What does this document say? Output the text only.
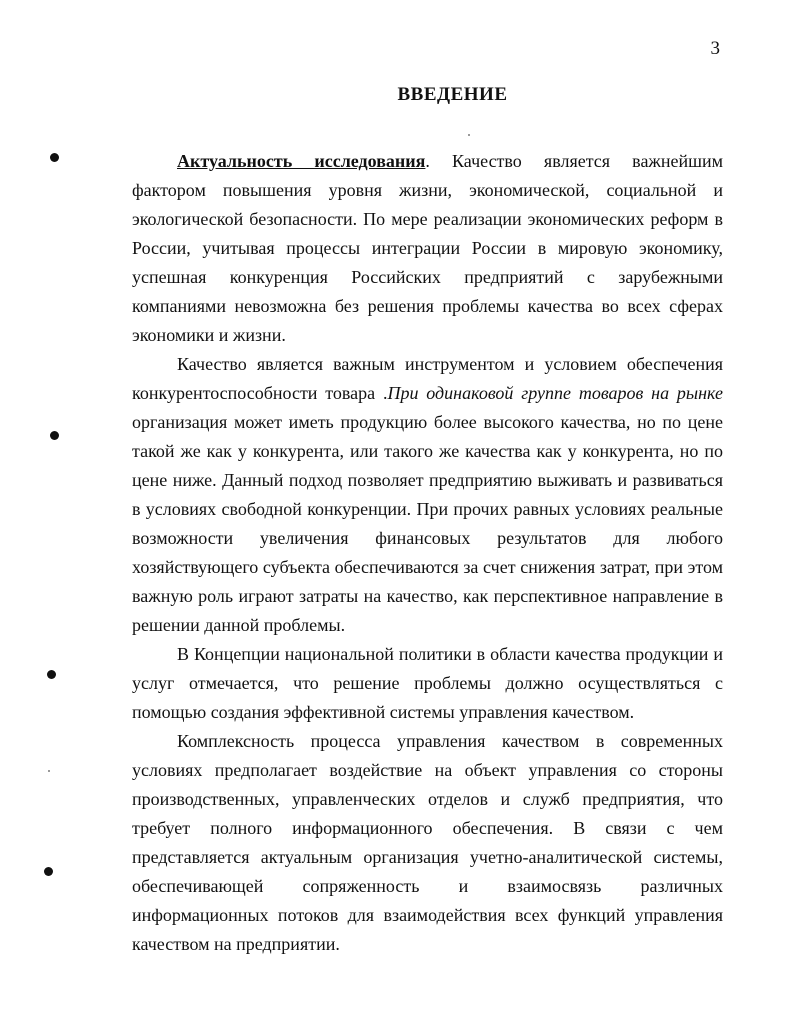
3
ВВЕДЕНИЕ

Актуальность исследования. Качество является важнейшим фактором повышения уровня жизни, экономической, социальной и экологической безопасности. По мере реализации экономических реформ в России, учитывая процессы интеграции России в мировую экономику, успешная конкуренция Российских предприятий с зарубежными компаниями невозможна без решения проблемы качества во всех сферах экономики и жизни.

Качество является важным инструментом и условием обеспечения конкурентоспособности товара .При одинаковой группе товаров на рынке организация может иметь продукцию более высокого качества, но по цене такой же как у конкурента, или такого же качества как у конкурента, но по цене ниже. Данный подход позволяет предприятию выживать и развиваться в условиях свободной конкуренции. При прочих равных условиях реальные возможности увеличения финансовых результатов для любого хозяйствующего субъекта обеспечиваются за счет снижения затрат, при этом важную роль играют затраты на качество, как перспективное направление в решении данной проблемы.

В Концепции национальной политики в области качества продукции и услуг отмечается, что решение проблемы должно осуществляться с помощью создания эффективной системы управления качеством.

Комплексность процесса управления качеством в современных условиях предполагает воздействие на объект управления со стороны производственных, управленческих отделов и служб предприятия, что требует полного информационного обеспечения. В связи с чем представляется актуальным организация учетно-аналитической системы, обеспечивающей сопряженность и взаимосвязь различных информационных потоков для взаимодействия всех функций управления качеством на предприятии.
